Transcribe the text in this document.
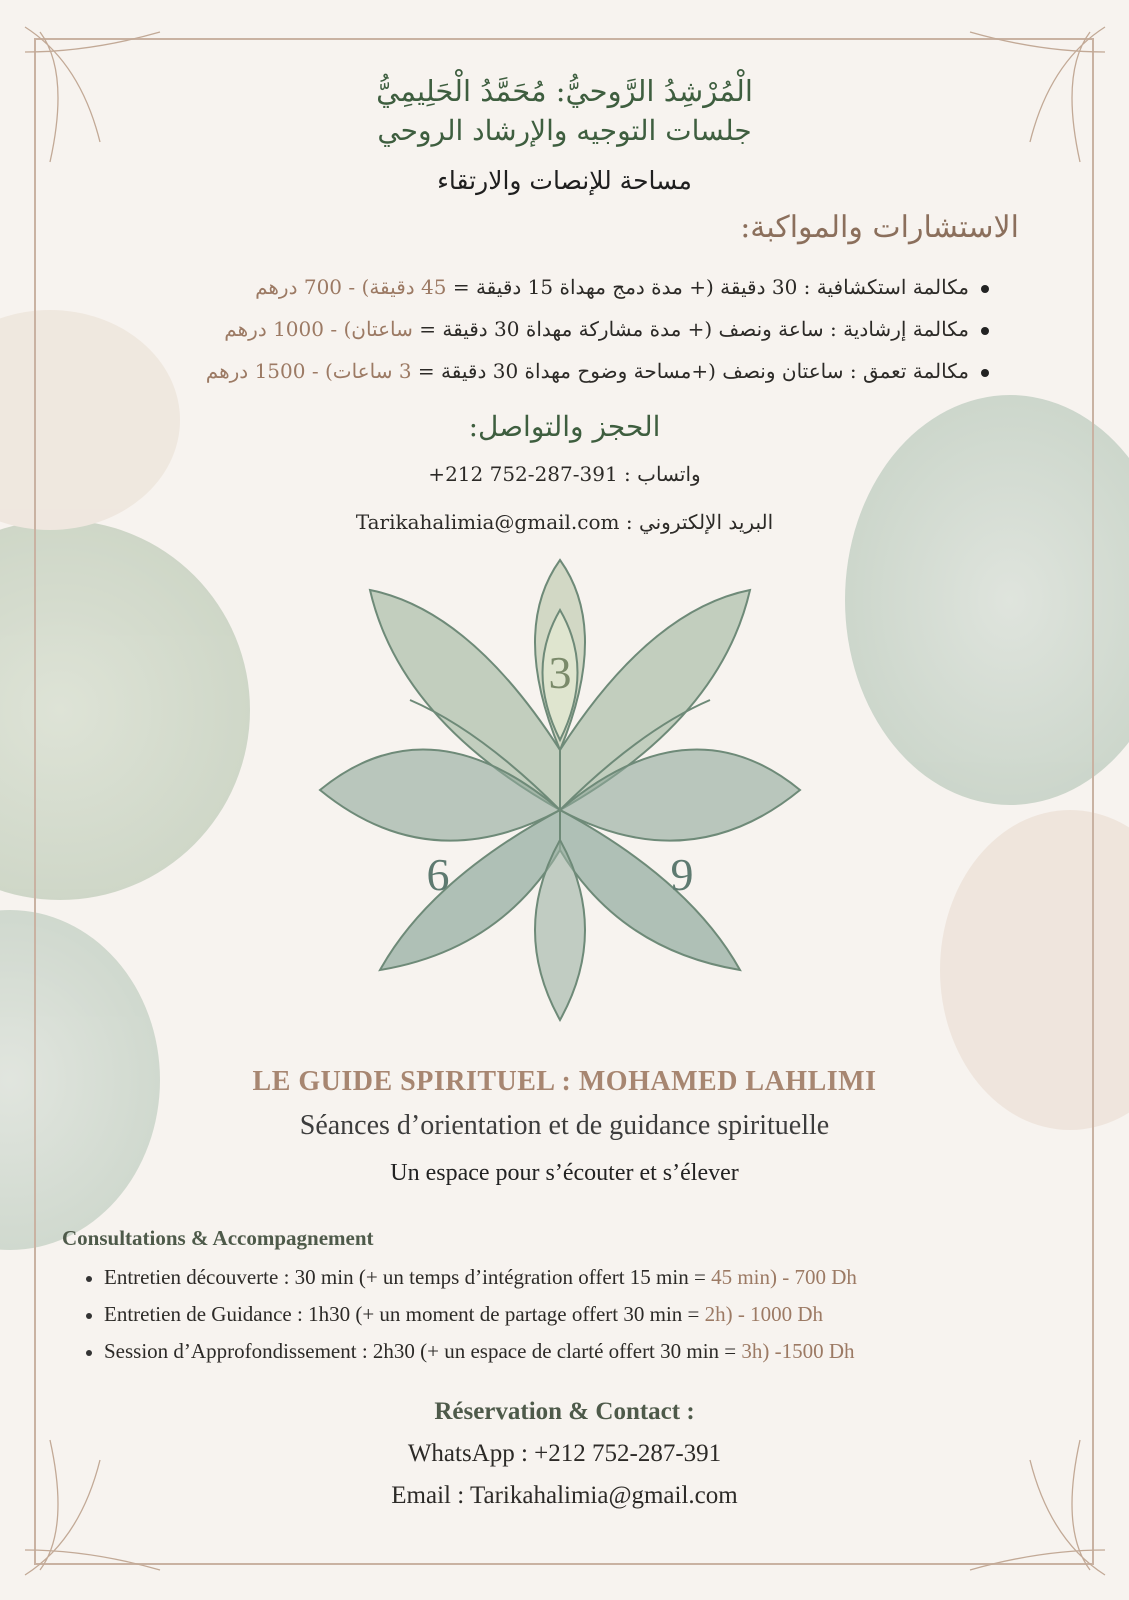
الْمُرْشِدُ الرَّوحيُّ: مُحَمَّدُ الْحَلِيمِيُّ
جلسات التوجيه والإرشاد الروحي
مساحة للإنصات والارتقاء
الاستشارات والمواكبة:
مكالمة استكشافية : 30 دقيقة (+ مدة دمج مهداة 15 دقيقة = 45 دقيقة) - 700 درهم
مكالمة إرشادية : ساعة ونصف (+ مدة مشاركة مهداة 30 دقيقة = ساعتان) - 1000 درهم
مكالمة تعمق : ساعتان ونصف (+مساحة وضوح مهداة 30 دقيقة = 3 ساعات) - 1500 درهم
الحجز والتواصل:
واتساب : 391-287-752 212+
البريد الإلكتروني : Tarikahalimia@gmail.com
3
6	9
LE GUIDE SPIRITUEL : MOHAMED LAHLIMI
Séances d’orientation et de guidance spirituelle
Un espace pour s’écouter et s’élever
Consultations & Accompagnement
Entretien découverte : 30 min (+ un temps d’intégration offert 15 min = 45 min) - 700 Dh
Entretien de Guidance : 1h30 (+ un moment de partage offert 30 min = 2h) - 1000 Dh
Session d’Approfondissement : 2h30 (+ un espace de clarté offert 30 min = 3h) -1500 Dh
Réservation & Contact :
WhatsApp : +212 752-287-391
Email : Tarikahalimia@gmail.com
